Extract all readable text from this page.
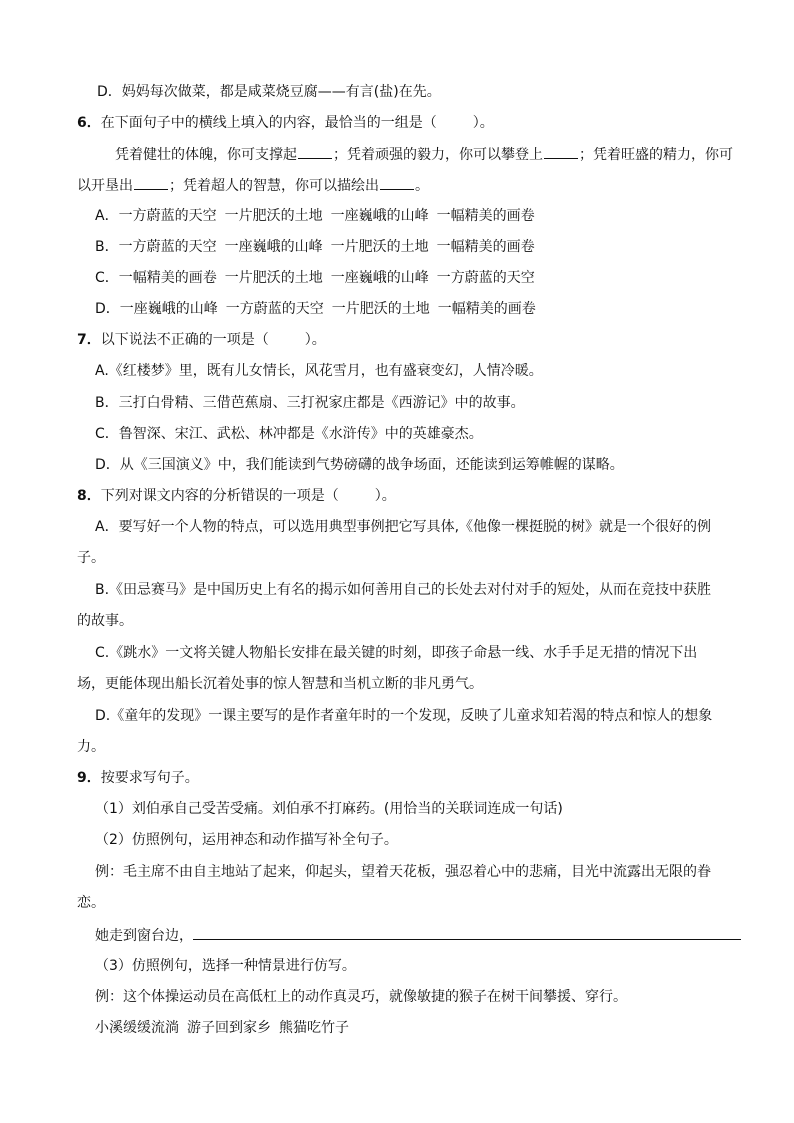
D．妈妈每次做菜，都是咸菜烧豆腐——有言(盐)在先。
6．在下面句子中的横线上填入的内容，最恰当的一组是（	）。
凭着健壮的体魄，你可支撑起	；凭着顽强的毅力，你可以攀登上	；凭着旺盛的精力，你可
以开垦出	；凭着超人的智慧，你可以描绘出	。
A．一方蔚蓝的天空 一片肥沃的土地 一座巍峨的山峰 一幅精美的画卷
B．一方蔚蓝的天空 一座巍峨的山峰 一片肥沃的土地 一幅精美的画卷
C．一幅精美的画卷 一片肥沃的土地 一座巍峨的山峰 一方蔚蓝的天空
D．一座巍峨的山峰 一方蔚蓝的天空 一片肥沃的土地 一幅精美的画卷
7．以下说法不正确的一项是（	）。
A.《红楼梦》里，既有儿女情长，风花雪月，也有盛衰变幻，人情冷暖。
B．三打白骨精、三借芭蕉扇、三打祝家庄都是《西游记》中的故事。
C．鲁智深、宋江、武松、林冲都是《水浒传》中的英雄豪杰。
D．从《三国演义》中，我们能读到气势磅礴的战争场面，还能读到运筹帷幄的谋略。
8．下列对课文内容的分析错误的一项是（	）。
A．要写好一个人物的特点，可以选用典型事例把它写具体,《他像一棵挺脱的树》就是一个很好的例
子。
B.《田忌赛马》是中国历史上有名的揭示如何善用自己的长处去对付对手的短处，从而在竞技中获胜
的故事。
C.《跳水》一文将关键人物船长安排在最关键的时刻，即孩子命悬一线、水手手足无措的情况下出
场，更能体现出船长沉着处事的惊人智慧和当机立断的非凡勇气。
D.《童年的发现》一课主要写的是作者童年时的一个发现，反映了儿童求知若渴的特点和惊人的想象
力。
9．按要求写句子。
（1）刘伯承自己受苦受痛。刘伯承不打麻药。(用恰当的关联词连成一句话)
（2）仿照例句，运用神态和动作描写补全句子。
例：毛主席不由自主地站了起来，仰起头，望着天花板，强忍着心中的悲痛，目光中流露出无限的眷
恋。
她走到窗台边，
（3）仿照例句，选择一种情景进行仿写。
例：这个体操运动员在高低杠上的动作真灵巧，就像敏捷的猴子在树干间攀援、穿行。
小溪缓缓流淌 游子回到家乡 熊猫吃竹子
